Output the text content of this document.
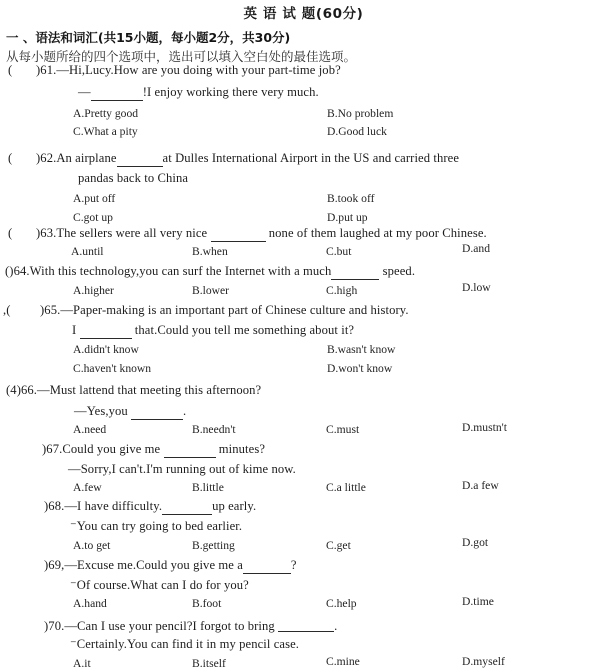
英 语 试 题(60分)
一 、语法和词汇(共15小题，每小题2分，共30分)
从每小题所给的四个选项中，选出可以填入空白处的最佳选项。
( )61.—Hi,Lucy.How are you doing with your part-time job?
—	!I enjoy working there very much.
A.Pretty good	B.No problem
C.What a pity	D.Good luck
( )62.An airplane	at Dulles International Airport in the US and carried three
pandas back to China
A.put off	B.took off
C.got up	D.put up
( )63.The sellers were all very nice	none of them laughed at my poor Chinese.
A.until	B.when	C.but	D.and
()64.With this technology,you can surf the Internet with a much	speed.
A.higher	B.lower	C.high	D.low
,( )65.—Paper-making is an important part of Chinese culture and history.
I	that.Could you tell me something about it?
A.didn't know	B.wasn't know
C.haven't known	D.won't know
(4)66.—Must lattend that meeting this afternoon?
—Yes,you	.
A.need	B.needn't	C.must	D.mustn't
)67.Could you give me	minutes?
—Sorry,I can't.I'm running out of kime now.
A.few	B.little	C.a little	D.a few
)68.—I have difficulty.	up early.
⁻You can try going to bed earlier.
A.to get	B.getting	C.get	D.got
)69,—Excuse me.Could you give me a	?
⁻Of course.What can I do for you?
A.hand	B.foot	C.help	D.time
)70.—Can I use your pencil?I forgot to bring	.
⁻Certainly.You can find it in my pencil case.
A.it	B.itself	C.mine	D.myself
